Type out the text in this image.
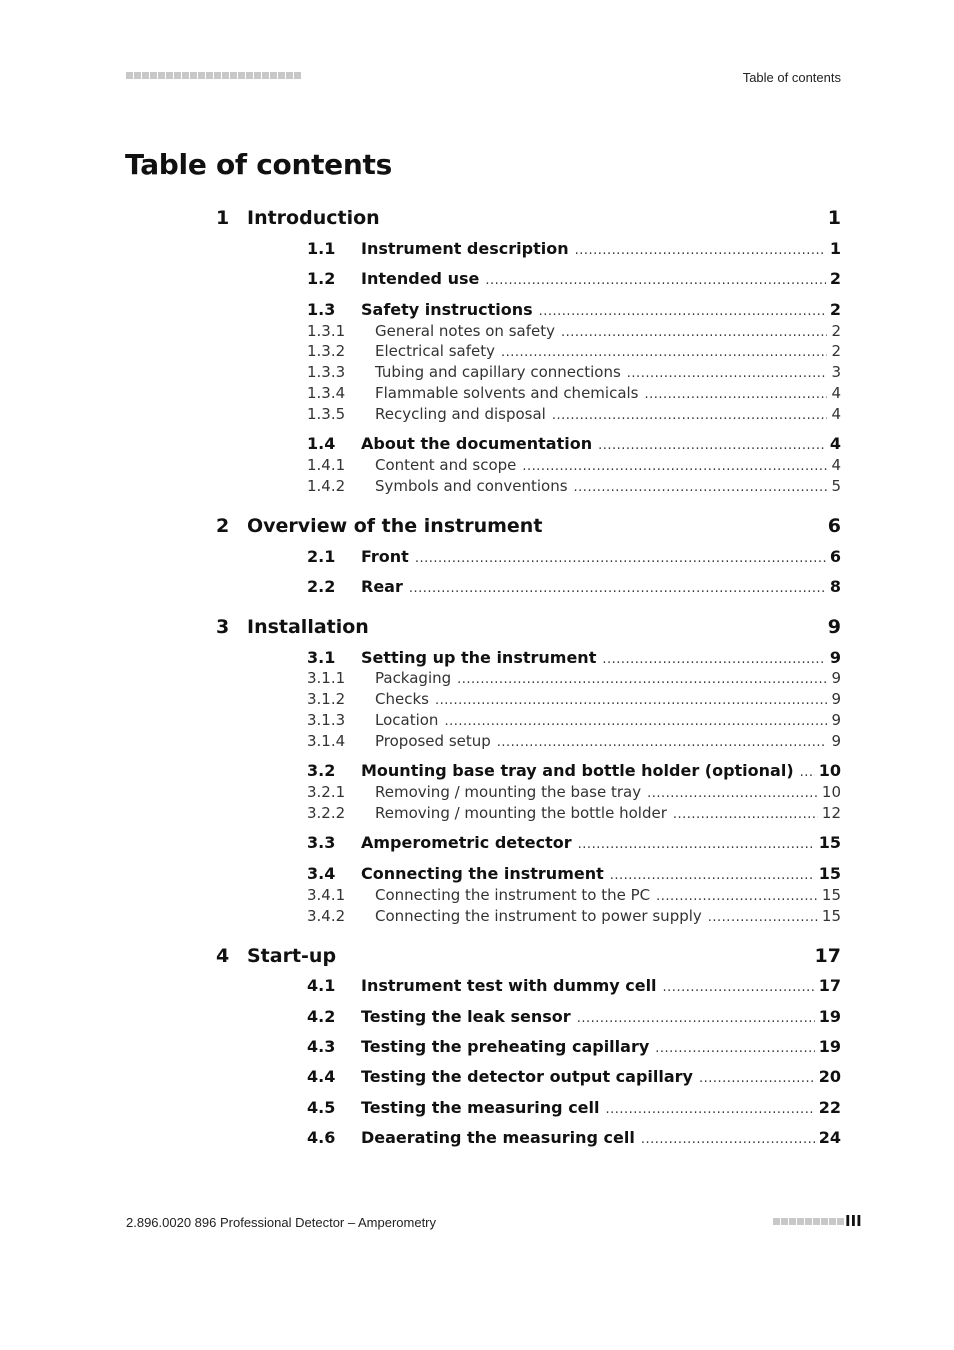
Table of contents
Table of contents
1 Introduction	1
1.1	Instrument description .....	1
1.2	Intended use .....	2
1.3	Safety instructions .....	2
1.3.1	General notes on safety .....	2
1.3.2	Electrical safety .....	2
1.3.3	Tubing and capillary connections .....	3
1.3.4	Flammable solvents and chemicals .....	4
1.3.5	Recycling and disposal .....	4
1.4	About the documentation .....	4
1.4.1	Content and scope .....	4
1.4.2	Symbols and conventions .....	5
2 Overview of the instrument	6
2.1	Front .....	6
2.2	Rear .....	8
3 Installation	9
3.1	Setting up the instrument .....	9
3.1.1	Packaging .....	9
3.1.2	Checks .....	9
3.1.3	Location .....	9
3.1.4	Proposed setup .....	9
3.2	Mounting base tray and bottle holder (optional) ..... 10
3.2.1	Removing / mounting the base tray .....	10
3.2.2	Removing / mounting the bottle holder .....	12
3.3	Amperometric detector .....	15
3.4	Connecting the instrument .....	15
3.4.1	Connecting the instrument to the PC .....	15
3.4.2	Connecting the instrument to power supply .....	15
4 Start-up	17
4.1	Instrument test with dummy cell .....	17
4.2	Testing the leak sensor .....	19
4.3	Testing the preheating capillary .....	19
4.4	Testing the detector output capillary .....	20
4.5	Testing the measuring cell .....	22
4.6	Deaerating the measuring cell .....	24
2.896.0020 896 Professional Detector – Amperometry	III
